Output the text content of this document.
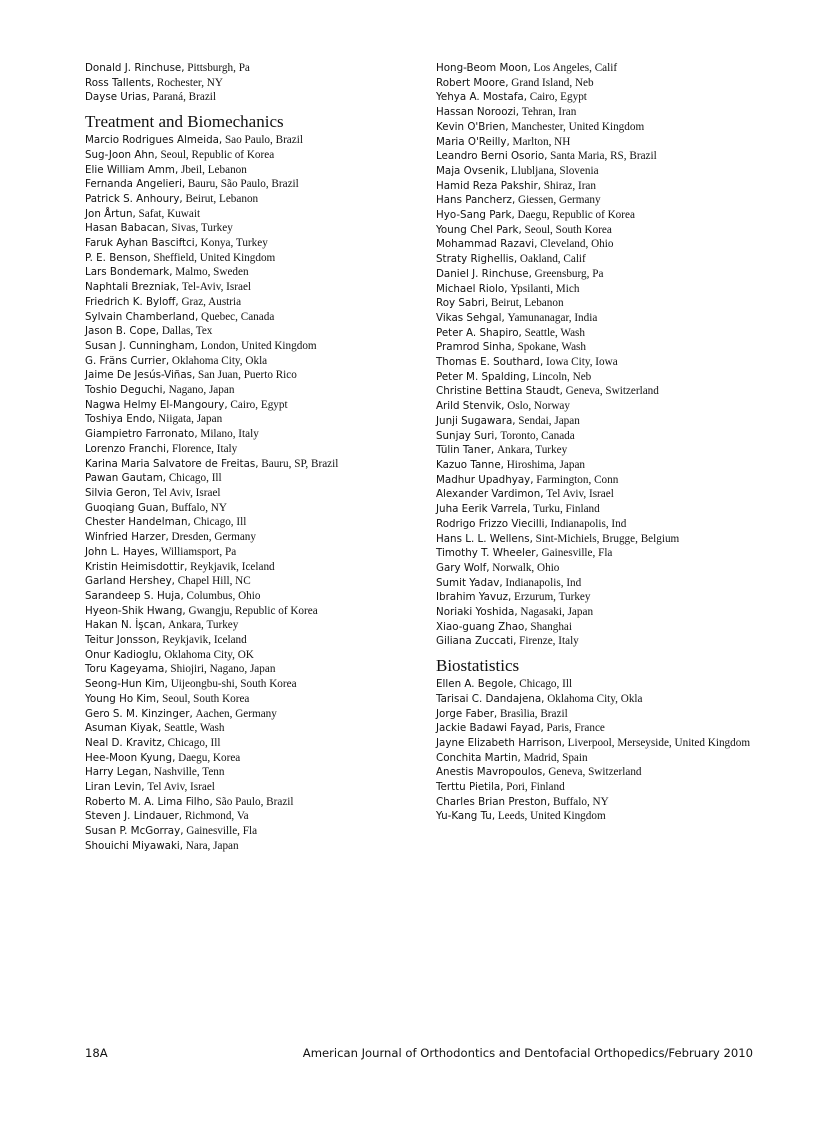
Donald J. Rinchuse, Pittsburgh, Pa
Ross Tallents, Rochester, NY
Dayse Urias, Paraná, Brazil
Treatment and Biomechanics
Marcio Rodrigues Almeida, Sao Paulo, Brazil
Sug-Joon Ahn, Seoul, Republic of Korea
Elie William Amm, Jbeil, Lebanon
Fernanda Angelieri, Bauru, São Paulo, Brazil
Patrick S. Anhoury, Beirut, Lebanon
Jon Årtun, Safat, Kuwait
Hasan Babacan, Sivas, Turkey
Faruk Ayhan Basciftci, Konya, Turkey
P. E. Benson, Sheffield, United Kingdom
Lars Bondemark, Malmo, Sweden
Naphtali Brezniak, Tel-Aviv, Israel
Friedrich K. Byloff, Graz, Austria
Sylvain Chamberland, Quebec, Canada
Jason B. Cope, Dallas, Tex
Susan J. Cunningham, London, United Kingdom
G. Fräns Currier, Oklahoma City, Okla
Jaime De Jesús-Viñas, San Juan, Puerto Rico
Toshio Deguchi, Nagano, Japan
Nagwa Helmy El-Mangoury, Cairo, Egypt
Toshiya Endo, Niigata, Japan
Giampietro Farronato, Milano, Italy
Lorenzo Franchi, Florence, Italy
Karina Maria Salvatore de Freitas, Bauru, SP, Brazil
Pawan Gautam, Chicago, Ill
Silvia Geron, Tel Aviv, Israel
Guoqiang Guan, Buffalo, NY
Chester Handelman, Chicago, Ill
Winfried Harzer, Dresden, Germany
John L. Hayes, Williamsport, Pa
Kristin Heimisdottir, Reykjavik, Iceland
Garland Hershey, Chapel Hill, NC
Sarandeep S. Huja, Columbus, Ohio
Hyeon-Shik Hwang, Gwangju, Republic of Korea
Hakan N. İşcan, Ankara, Turkey
Teitur Jonsson, Reykjavik, Iceland
Onur Kadioglu, Oklahoma City, OK
Toru Kageyama, Shiojiri, Nagano, Japan
Seong-Hun Kim, Uijeongbu-shi, South Korea
Young Ho Kim, Seoul, South Korea
Gero S. M. Kinzinger, Aachen, Germany
Asuman Kiyak, Seattle, Wash
Neal D. Kravitz, Chicago, Ill
Hee-Moon Kyung, Daegu, Korea
Harry Legan, Nashville, Tenn
Liran Levin, Tel Aviv, Israel
Roberto M. A. Lima Filho, São Paulo, Brazil
Steven J. Lindauer, Richmond, Va
Susan P. McGorray, Gainesville, Fla
Shouichi Miyawaki, Nara, Japan
Hong-Beom Moon, Los Angeles, Calif
Robert Moore, Grand Island, Neb
Yehya A. Mostafa, Cairo, Egypt
Hassan Noroozi, Tehran, Iran
Kevin O'Brien, Manchester, United Kingdom
Maria O'Reilly, Marlton, NH
Leandro Berni Osorio, Santa Maria, RS, Brazil
Maja Ovsenik, Llubljana, Slovenia
Hamid Reza Pakshir, Shiraz, Iran
Hans Pancherz, Giessen, Germany
Hyo-Sang Park, Daegu, Republic of Korea
Young Chel Park, Seoul, South Korea
Mohammad Razavi, Cleveland, Ohio
Straty Righellis, Oakland, Calif
Daniel J. Rinchuse, Greensburg, Pa
Michael Riolo, Ypsilanti, Mich
Roy Sabri, Beirut, Lebanon
Vikas Sehgal, Yamunanagar, India
Peter A. Shapiro, Seattle, Wash
Pramrod Sinha, Spokane, Wash
Thomas E. Southard, Iowa City, Iowa
Peter M. Spalding, Lincoln, Neb
Christine Bettina Staudt, Geneva, Switzerland
Arild Stenvik, Oslo, Norway
Junji Sugawara, Sendai, Japan
Sunjay Suri, Toronto, Canada
Tülin Taner, Ankara, Turkey
Kazuo Tanne, Hiroshima, Japan
Madhur Upadhyay, Farmington, Conn
Alexander Vardimon, Tel Aviv, Israel
Juha Eerik Varrela, Turku, Finland
Rodrigo Frizzo Viecilli, Indianapolis, Ind
Hans L. L. Wellens, Sint-Michiels, Brugge, Belgium
Timothy T. Wheeler, Gainesville, Fla
Gary Wolf, Norwalk, Ohio
Sumit Yadav, Indianapolis, Ind
Ibrahim Yavuz, Erzurum, Turkey
Noriaki Yoshida, Nagasaki, Japan
Xiao-guang Zhao, Shanghai
Giliana Zuccati, Firenze, Italy
Biostatistics
Ellen A. Begole, Chicago, Ill
Tarisai C. Dandajena, Oklahoma City, Okla
Jorge Faber, Brasìlia, Brazil
Jackie Badawi Fayad, Paris, France
Jayne Elizabeth Harrison, Liverpool, Merseyside, United Kingdom
Conchita Martin, Madrid, Spain
Anestis Mavropoulos, Geneva, Switzerland
Terttu Pietila, Pori, Finland
Charles Brian Preston, Buffalo, NY
Yu-Kang Tu, Leeds, United Kingdom
18A	American Journal of Orthodontics and Dentofacial Orthopedics/February 2010
